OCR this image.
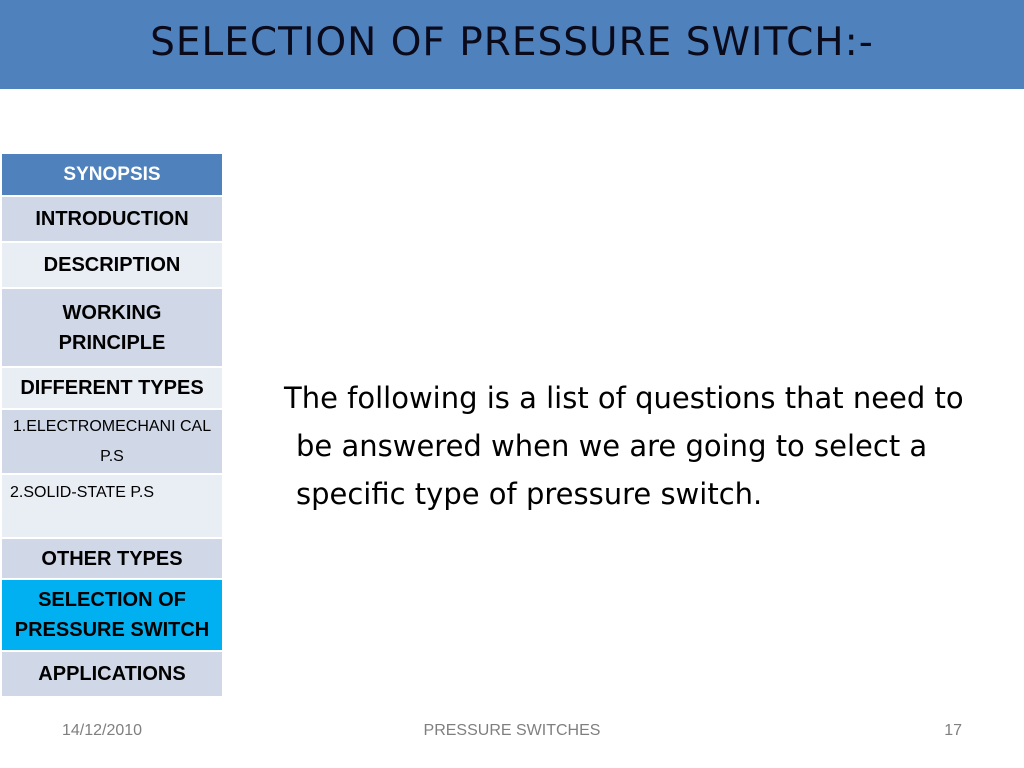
SELECTION OF PRESSURE SWITCH:-
SYNOPSIS
INTRODUCTION
DESCRIPTION
WORKING PRINCIPLE
DIFFERENT TYPES
1.ELECTROMECHANI CAL P.S
2.SOLID-STATE P.S
OTHER TYPES
SELECTION OF PRESSURE SWITCH
APPLICATIONS
The following is a list of questions that need to be answered when we are going to select a specific type of pressure switch.
14/12/2010	PRESSURE SWITCHES	17
